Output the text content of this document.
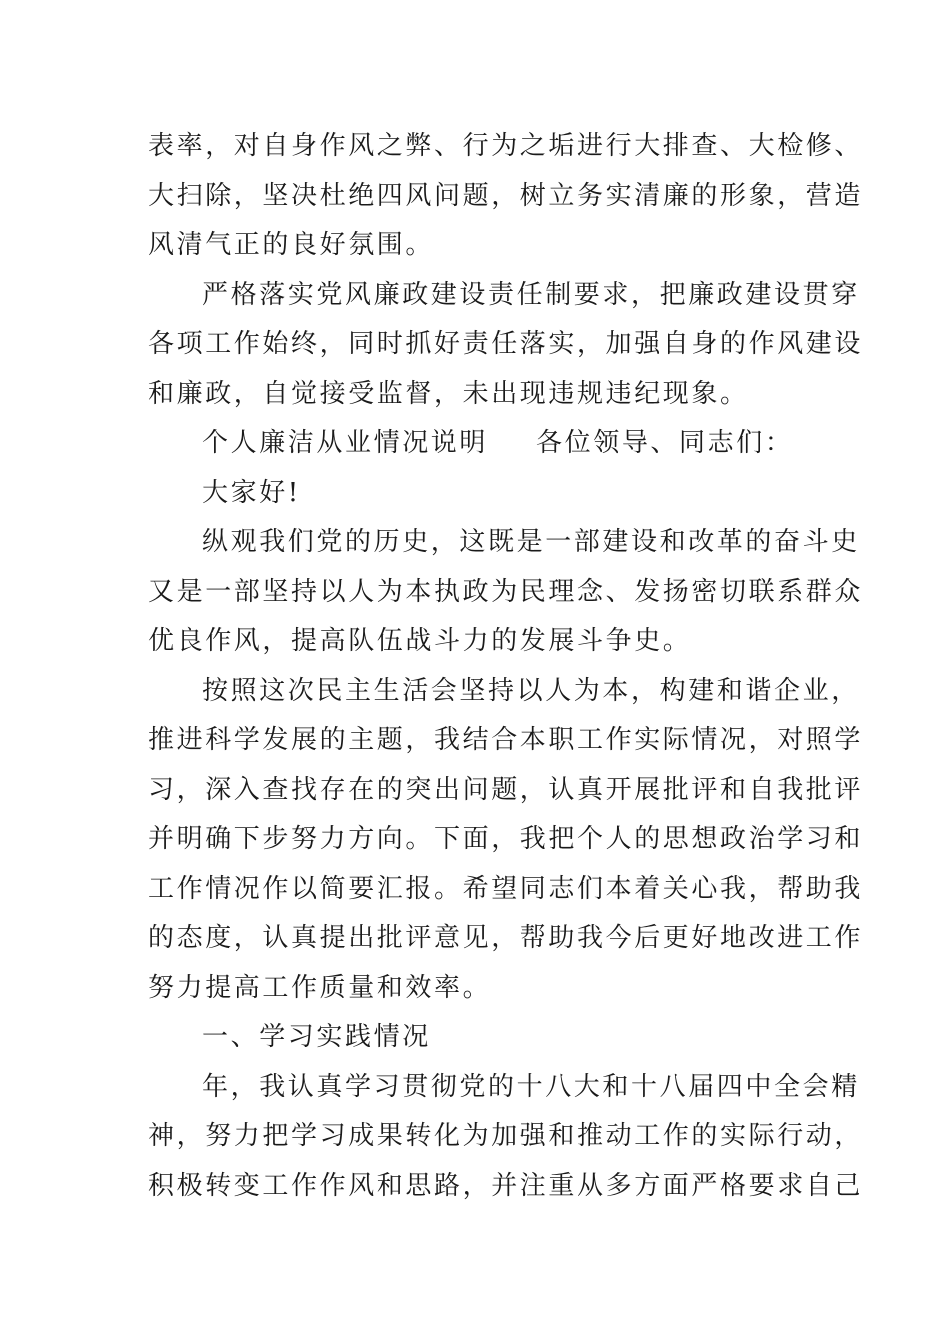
表率，对自身作风之弊、行为之垢进行大排查、大检修、
大扫除，坚决杜绝四风问题，树立务实清廉的形象，营造
风清气正的良好氛围。
严格落实党风廉政建设责任制要求，把廉政建设贯穿
各项工作始终，同时抓好责任落实，加强自身的作风建设
和廉政，自觉接受监督，未出现违规违纪现象。
个人廉洁从业情况说明 各位领导、同志们：
大家好!
纵观我们党的历史，这既是一部建设和改革的奋斗史
又是一部坚持以人为本执政为民理念、发扬密切联系群众
优良作风，提高队伍战斗力的发展斗争史。
按照这次民主生活会坚持以人为本，构建和谐企业，
推进科学发展的主题，我结合本职工作实际情况，对照学
习，深入查找存在的突出问题，认真开展批评和自我批评
并明确下步努力方向。下面，我把个人的思想政治学习和
工作情况作以简要汇报。希望同志们本着关心我，帮助我
的态度，认真提出批评意见，帮助我今后更好地改进工作
努力提高工作质量和效率。
一、学习实践情况
年，我认真学习贯彻党的十八大和十八届四中全会精
神，努力把学习成果转化为加强和推动工作的实际行动，
积极转变工作作风和思路，并注重从多方面严格要求自己
